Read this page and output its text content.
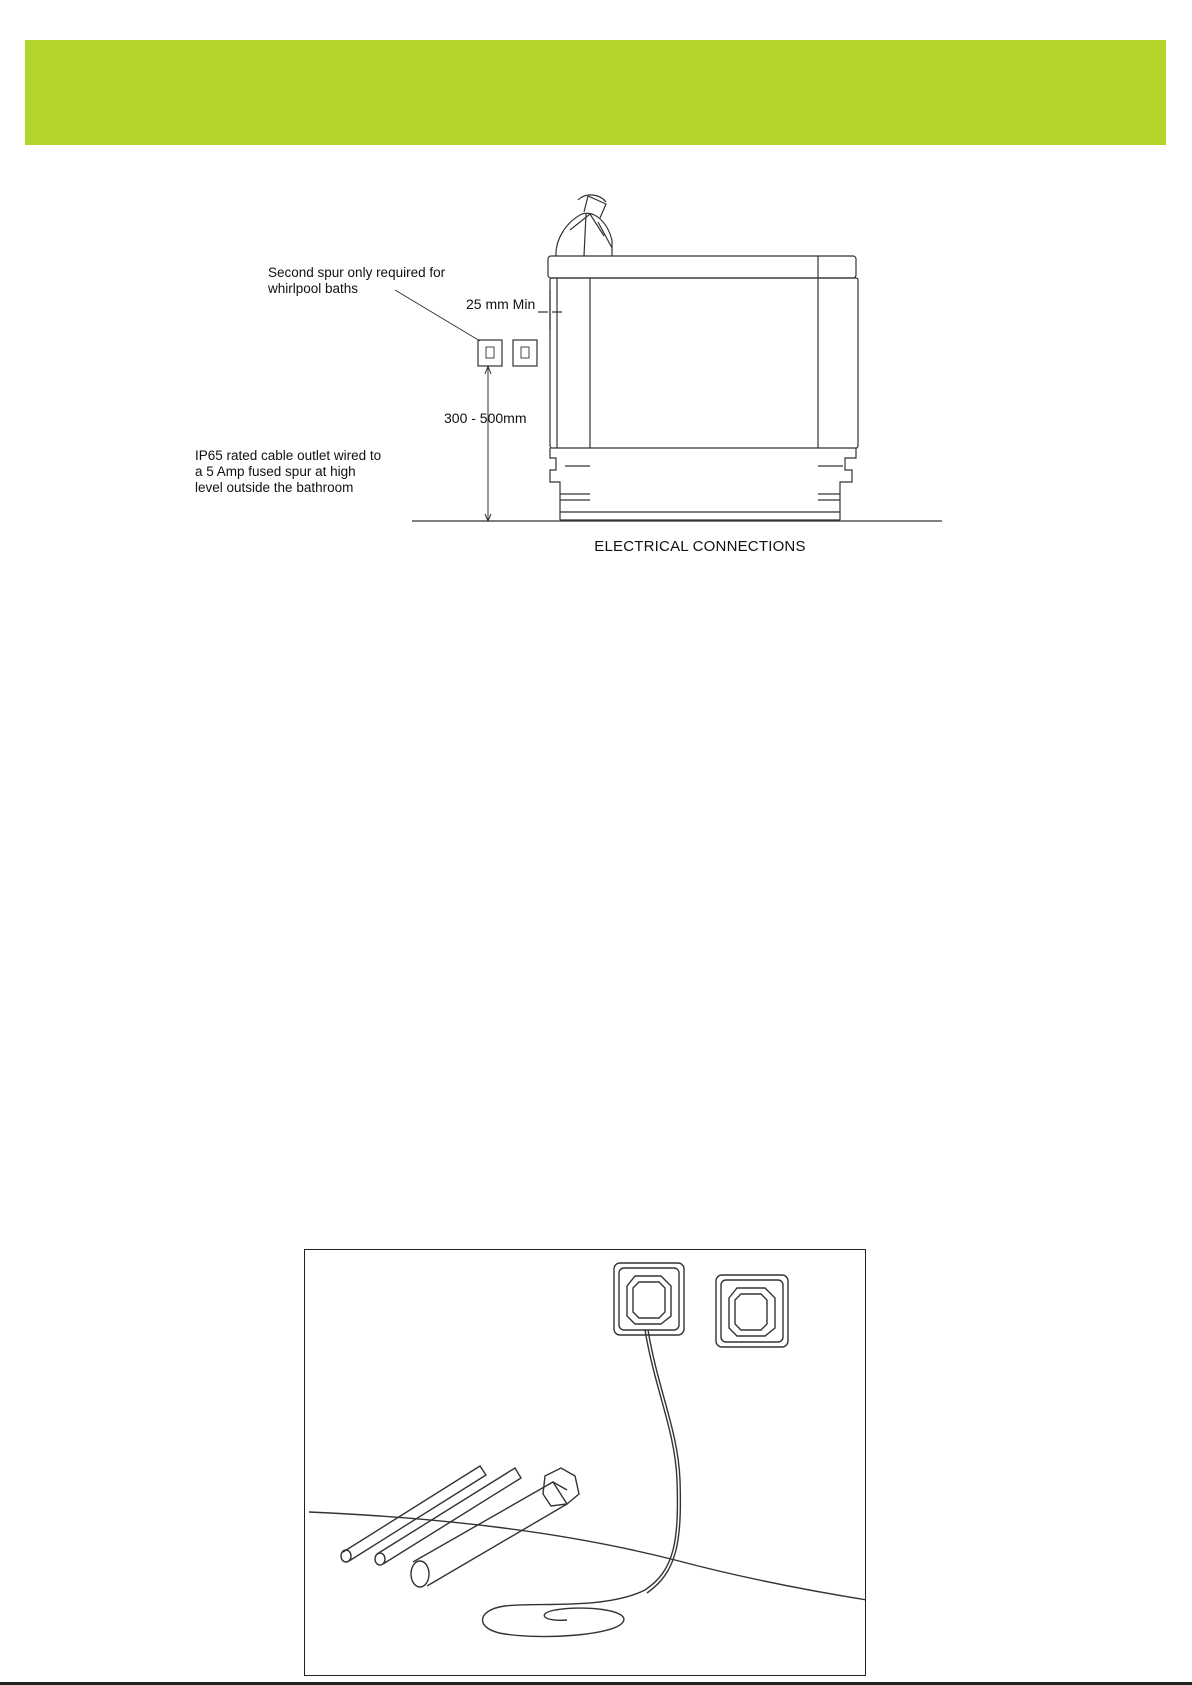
Second spur only required for
whirlpool baths
25 mm Min
300 - 500mm
IP65 rated cable outlet wired to
a 5 Amp fused spur at high
level outside the bathroom
ELECTRICAL CONNECTIONS
